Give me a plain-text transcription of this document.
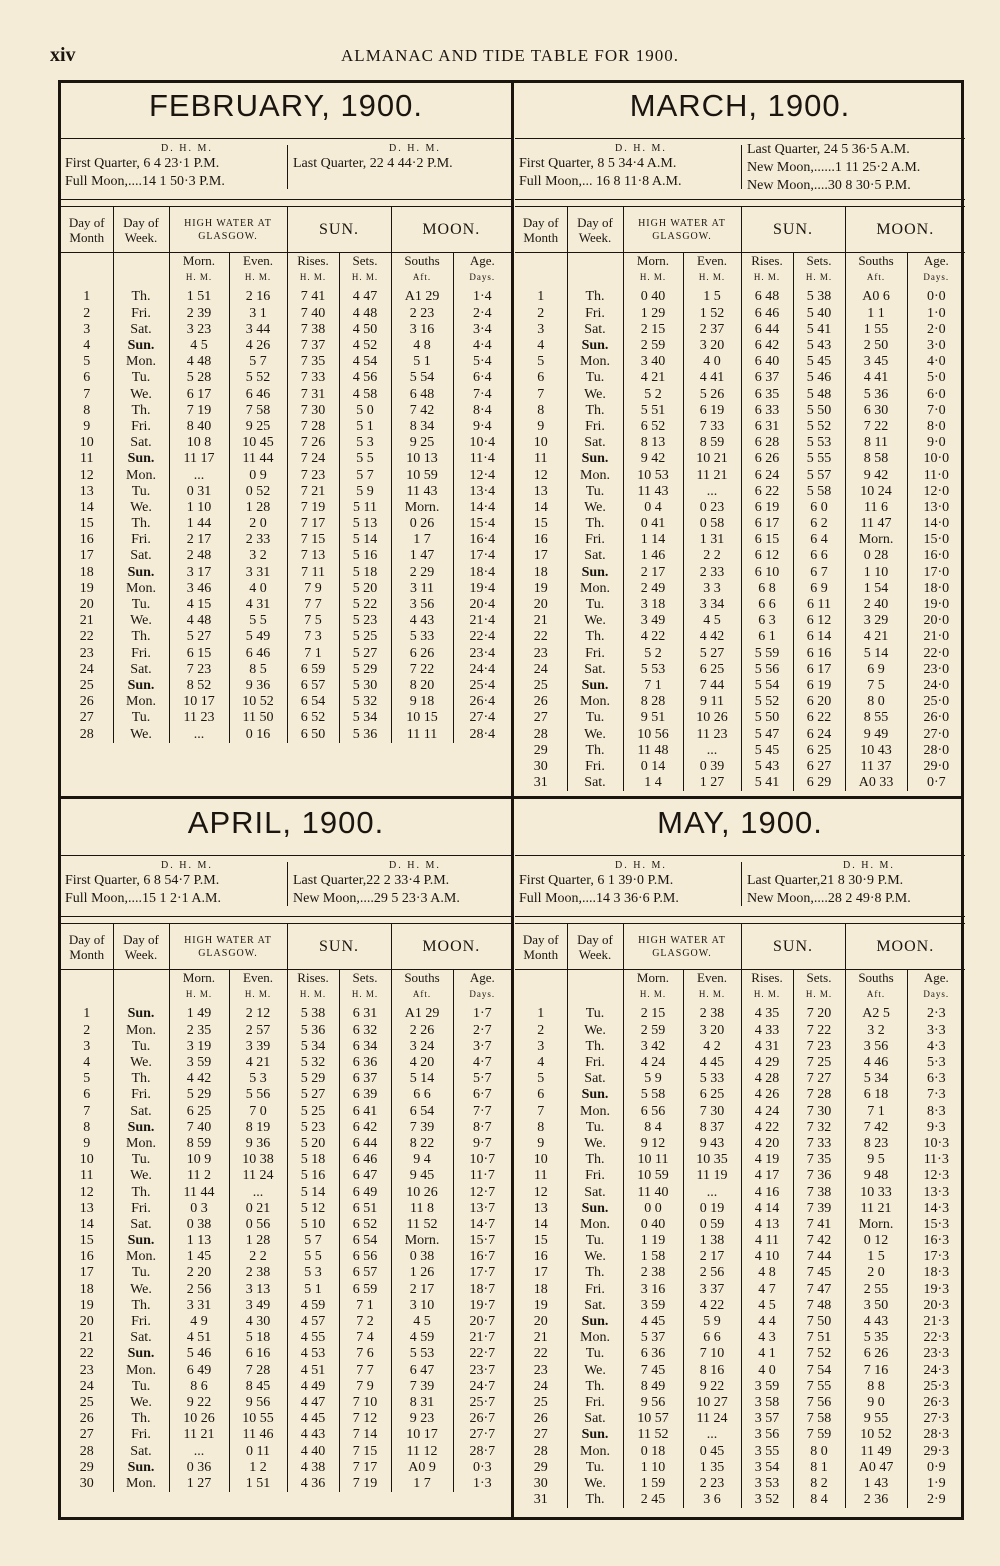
xiv	ALMANAC AND TIDE TABLE FOR 1900.
FEBRUARY, 1900.
D. H. M.
First Quarter, 6 4 23·1 P.M.
Full Moon,....14 1 50·3 P.M.
D. H. M.
Last Quarter, 22 4 44·2 P.M.
Day of Month	Day of Week.	HIGH WATER AT GLASGOW.		SUN.		MOON.	
		Morn.	Even.	Rises.	Sets.	Souths	Age.
		H. M.	H. M.	H. M.	H. M.	Aft.	Days.

1	Th.	1 51	2 16	7 41	4 47	A1 29	1·4
2	Fri.	2 39	3 1	7 40	4 48	2 23	2·4
3	Sat.	3 23	3 44	7 38	4 50	3 16	3·4
4	Sun.	4 5	4 26	7 37	4 52	4 8	4·4
5	Mon.	4 48	5 7	7 35	4 54	5 1	5·4
6	Tu.	5 28	5 52	7 33	4 56	5 54	6·4
7	We.	6 17	6 46	7 31	4 58	6 48	7·4
8	Th.	7 19	7 58	7 30	5 0	7 42	8·4
9	Fri.	8 40	9 25	7 28	5 1	8 34	9·4
10	Sat.	10 8	10 45	7 26	5 3	9 25	10·4
11	Sun.	11 17	11 44	7 24	5 5	10 13	11·4
12	Mon.	...	0 9	7 23	5 7	10 59	12·4
13	Tu.	0 31	0 52	7 21	5 9	11 43	13·4
14	We.	1 10	1 28	7 19	5 11	Morn.	14·4
15	Th.	1 44	2 0	7 17	5 13	0 26	15·4
16	Fri.	2 17	2 33	7 15	5 14	1 7	16·4
17	Sat.	2 48	3 2	7 13	5 16	1 47	17·4
18	Sun.	3 17	3 31	7 11	5 18	2 29	18·4
19	Mon.	3 46	4 0	7 9	5 20	3 11	19·4
20	Tu.	4 15	4 31	7 7	5 22	3 56	20·4
21	We.	4 48	5 5	7 5	5 23	4 43	21·4
22	Th.	5 27	5 49	7 3	5 25	5 33	22·4
23	Fri.	6 15	6 46	7 1	5 27	6 26	23·4
24	Sat.	7 23	8 5	6 59	5 29	7 22	24·4
25	Sun.	8 52	9 36	6 57	5 30	8 20	25·4
26	Mon.	10 17	10 52	6 54	5 32	9 18	26·4
27	Tu.	11 23	11 50	6 52	5 34	10 15	27·4
28	We.	...	0 16	6 50	5 36	11 11	28·4
MARCH, 1900.
D. H. M.
First Quarter, 8 5 34·4 A.M.
Full Moon,... 16 8 11·8 A.M.
Last Quarter, 24 5 36·5 A.M.
New Moon,......1 11 25·2 A.M.
New Moon,....30 8 30·5 P.M.
Day of Month	Day of Week.	HIGH WATER AT GLASGOW.		SUN.		MOON.	
		Morn.	Even.	Rises.	Sets.	Souths	Age.
		H. M.	H. M.	H. M.	H. M.	Aft.	Days.

1	Th.	0 40	1 5	6 48	5 38	A0 6	0·0
2	Fri.	1 29	1 52	6 46	5 40	1 1	1·0
3	Sat.	2 15	2 37	6 44	5 41	1 55	2·0
4	Sun.	2 59	3 20	6 42	5 43	2 50	3·0
5	Mon.	3 40	4 0	6 40	5 45	3 45	4·0
6	Tu.	4 21	4 41	6 37	5 46	4 41	5·0
7	We.	5 2	5 26	6 35	5 48	5 36	6·0
8	Th.	5 51	6 19	6 33	5 50	6 30	7·0
9	Fri.	6 52	7 33	6 31	5 52	7 22	8·0
10	Sat.	8 13	8 59	6 28	5 53	8 11	9·0
11	Sun.	9 42	10 21	6 26	5 55	8 58	10·0
12	Mon.	10 53	11 21	6 24	5 57	9 42	11·0
13	Tu.	11 43	...	6 22	5 58	10 24	12·0
14	We.	0 4	0 23	6 19	6 0	11 6	13·0
15	Th.	0 41	0 58	6 17	6 2	11 47	14·0
16	Fri.	1 14	1 31	6 15	6 4	Morn.	15·0
17	Sat.	1 46	2 2	6 12	6 6	0 28	16·0
18	Sun.	2 17	2 33	6 10	6 7	1 10	17·0
19	Mon.	2 49	3 3	6 8	6 9	1 54	18·0
20	Tu.	3 18	3 34	6 6	6 11	2 40	19·0
21	We.	3 49	4 5	6 3	6 12	3 29	20·0
22	Th.	4 22	4 42	6 1	6 14	4 21	21·0
23	Fri.	5 2	5 27	5 59	6 16	5 14	22·0
24	Sat.	5 53	6 25	5 56	6 17	6 9	23·0
25	Sun.	7 1	7 44	5 54	6 19	7 5	24·0
26	Mon.	8 28	9 11	5 52	6 20	8 0	25·0
27	Tu.	9 51	10 26	5 50	6 22	8 55	26·0
28	We.	10 56	11 23	5 47	6 24	9 49	27·0
29	Th.	11 48	...	5 45	6 25	10 43	28·0
30	Fri.	0 14	0 39	5 43	6 27	11 37	29·0
31	Sat.	1 4	1 27	5 41	6 29	A0 33	0·7
APRIL, 1900.
D. H. M.
First Quarter, 6 8 54·7 P.M.
Full Moon,....15 1 2·1 A.M.
D. H. M.
Last Quarter,22 2 33·4 P.M.
New Moon,....29 5 23·3 A.M.
Day of Month	Day of Week.	HIGH WATER AT GLASGOW.		SUN.		MOON.	
		Morn.	Even.	Rises.	Sets.	Souths	Age.
		H. M.	H. M.	H. M.	H. M.	Aft.	Days.

1	Sun.	1 49	2 12	5 38	6 31	A1 29	1·7
2	Mon.	2 35	2 57	5 36	6 32	2 26	2·7
3	Tu.	3 19	3 39	5 34	6 34	3 24	3·7
4	We.	3 59	4 21	5 32	6 36	4 20	4·7
5	Th.	4 42	5 3	5 29	6 37	5 14	5·7
6	Fri.	5 29	5 56	5 27	6 39	6 6	6·7
7	Sat.	6 25	7 0	5 25	6 41	6 54	7·7
8	Sun.	7 40	8 19	5 23	6 42	7 39	8·7
9	Mon.	8 59	9 36	5 20	6 44	8 22	9·7
10	Tu.	10 9	10 38	5 18	6 46	9 4	10·7
11	We.	11 2	11 24	5 16	6 47	9 45	11·7
12	Th.	11 44	...	5 14	6 49	10 26	12·7
13	Fri.	0 3	0 21	5 12	6 51	11 8	13·7
14	Sat.	0 38	0 56	5 10	6 52	11 52	14·7
15	Sun.	1 13	1 28	5 7	6 54	Morn.	15·7
16	Mon.	1 45	2 2	5 5	6 56	0 38	16·7
17	Tu.	2 20	2 38	5 3	6 57	1 26	17·7
18	We.	2 56	3 13	5 1	6 59	2 17	18·7
19	Th.	3 31	3 49	4 59	7 1	3 10	19·7
20	Fri.	4 9	4 30	4 57	7 2	4 5	20·7
21	Sat.	4 51	5 18	4 55	7 4	4 59	21·7
22	Sun.	5 46	6 16	4 53	7 6	5 53	22·7
23	Mon.	6 49	7 28	4 51	7 7	6 47	23·7
24	Tu.	8 6	8 45	4 49	7 9	7 39	24·7
25	We.	9 22	9 56	4 47	7 10	8 31	25·7
26	Th.	10 26	10 55	4 45	7 12	9 23	26·7
27	Fri.	11 21	11 46	4 43	7 14	10 17	27·7
28	Sat.	...	0 11	4 40	7 15	11 12	28·7
29	Sun.	0 36	1 2	4 38	7 17	A0 9	0·3
30	Mon.	1 27	1 51	4 36	7 19	1 7	1·3
MAY, 1900.
D. H. M.
First Quarter, 6 1 39·0 P.M.
Full Moon,....14 3 36·6 P.M.
D. H. M.
Last Quarter,21 8 30·9 P.M.
New Moon,....28 2 49·8 P.M.
Day of Month	Day of Week.	HIGH WATER AT GLASGOW.		SUN.		MOON.	
		Morn.	Even.	Rises.	Sets.	Souths	Age.
		H. M.	H. M.	H. M.	H. M.	Aft.	Days.

1	Tu.	2 15	2 38	4 35	7 20	A2 5	2·3
2	We.	2 59	3 20	4 33	7 22	3 2	3·3
3	Th.	3 42	4 2	4 31	7 23	3 56	4·3
4	Fri.	4 24	4 45	4 29	7 25	4 46	5·3
5	Sat.	5 9	5 33	4 28	7 27	5 34	6·3
6	Sun.	5 58	6 25	4 26	7 28	6 18	7·3
7	Mon.	6 56	7 30	4 24	7 30	7 1	8·3
8	Tu.	8 4	8 37	4 22	7 32	7 42	9·3
9	We.	9 12	9 43	4 20	7 33	8 23	10·3
10	Th.	10 11	10 35	4 19	7 35	9 5	11·3
11	Fri.	10 59	11 19	4 17	7 36	9 48	12·3
12	Sat.	11 40	...	4 16	7 38	10 33	13·3
13	Sun.	0 0	0 19	4 14	7 39	11 21	14·3
14	Mon.	0 40	0 59	4 13	7 41	Morn.	15·3
15	Tu.	1 19	1 38	4 11	7 42	0 12	16·3
16	We.	1 58	2 17	4 10	7 44	1 5	17·3
17	Th.	2 38	2 56	4 8	7 45	2 0	18·3
18	Fri.	3 16	3 37	4 7	7 47	2 55	19·3
19	Sat.	3 59	4 22	4 5	7 48	3 50	20·3
20	Sun.	4 45	5 9	4 4	7 50	4 43	21·3
21	Mon.	5 37	6 6	4 3	7 51	5 35	22·3
22	Tu.	6 36	7 10	4 1	7 52	6 26	23·3
23	We.	7 45	8 16	4 0	7 54	7 16	24·3
24	Th.	8 49	9 22	3 59	7 55	8 8	25·3
25	Fri.	9 56	10 27	3 58	7 56	9 0	26·3
26	Sat.	10 57	11 24	3 57	7 58	9 55	27·3
27	Sun.	11 52	...	3 56	7 59	10 52	28·3
28	Mon.	0 18	0 45	3 55	8 0	11 49	29·3
29	Tu.	1 10	1 35	3 54	8 1	A0 47	0·9
30	We.	1 59	2 23	3 53	8 2	1 43	1·9
31	Th.	2 45	3 6	3 52	8 4	2 36	2·9
